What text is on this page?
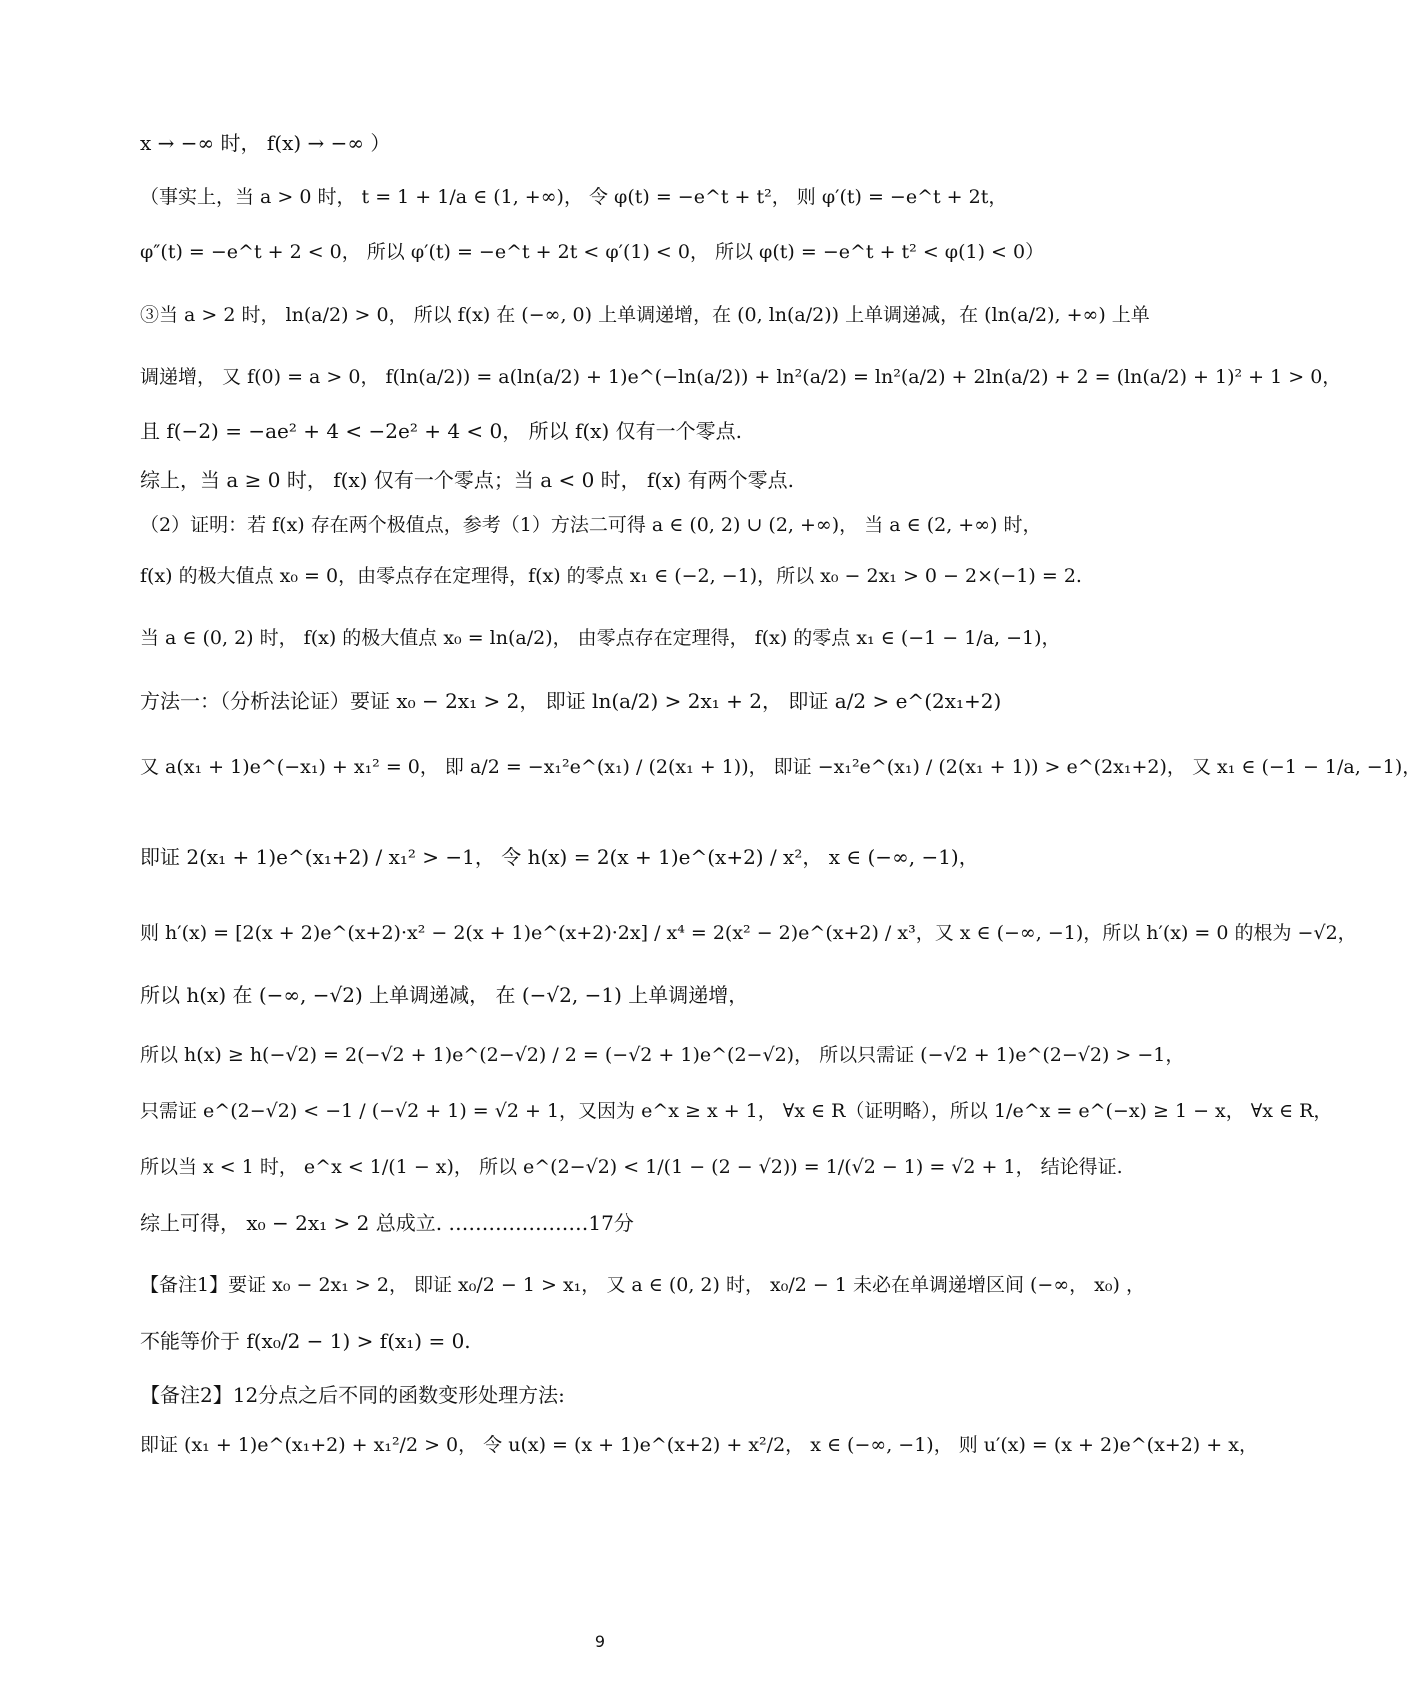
x → −∞ 时， f(x) → −∞ ）
（事实上，当 a > 0 时， t = 1 + 1/a ∈ (1, +∞)， 令 φ(t) = −e^t + t²， 则 φ′(t) = −e^t + 2t，
φ″(t) = −e^t + 2 < 0， 所以 φ′(t) = −e^t + 2t < φ′(1) < 0， 所以 φ(t) = −e^t + t² < φ(1) < 0）
③当 a > 2 时， ln(a/2) > 0， 所以 f(x) 在 (−∞, 0) 上单调递增，在 (0, ln(a/2)) 上单调递减，在 (ln(a/2), +∞) 上单
调递增， 又 f(0) = a > 0， f(ln(a/2)) = a(ln(a/2) + 1)e^(−ln(a/2)) + ln²(a/2) = ln²(a/2) + 2ln(a/2) + 2 = (ln(a/2) + 1)² + 1 > 0，
且 f(−2) = −ae² + 4 < −2e² + 4 < 0， 所以 f(x) 仅有一个零点.
综上，当 a ≥ 0 时， f(x) 仅有一个零点；当 a < 0 时， f(x) 有两个零点.
（2）证明：若 f(x) 存在两个极值点，参考（1）方法二可得 a ∈ (0, 2) ∪ (2, +∞)， 当 a ∈ (2, +∞) 时，
f(x) 的极大值点 x₀ = 0，由零点存在定理得，f(x) 的零点 x₁ ∈ (−2, −1)，所以 x₀ − 2x₁ > 0 − 2×(−1) = 2.
当 a ∈ (0, 2) 时， f(x) 的极大值点 x₀ = ln(a/2)， 由零点存在定理得， f(x) 的零点 x₁ ∈ (−1 − 1/a, −1)，
方法一：（分析法论证）要证 x₀ − 2x₁ > 2， 即证 ln(a/2) > 2x₁ + 2， 即证 a/2 > e^(2x₁+2)
又 a(x₁ + 1)e^(−x₁) + x₁² = 0， 即 a/2 = −x₁²e^(x₁) / (2(x₁ + 1))， 即证 −x₁²e^(x₁) / (2(x₁ + 1)) > e^(2x₁+2)， 又 x₁ ∈ (−1 − 1/a, −1)，
即证 2(x₁ + 1)e^(x₁+2) / x₁² > −1， 令 h(x) = 2(x + 1)e^(x+2) / x²， x ∈ (−∞, −1)，
则 h′(x) = [2(x + 2)e^(x+2)·x² − 2(x + 1)e^(x+2)·2x] / x⁴ = 2(x² − 2)e^(x+2) / x³，又 x ∈ (−∞, −1)，所以 h′(x) = 0 的根为 −√2，
所以 h(x) 在 (−∞, −√2) 上单调递减， 在 (−√2, −1) 上单调递增，
所以 h(x) ≥ h(−√2) = 2(−√2 + 1)e^(2−√2) / 2 = (−√2 + 1)e^(2−√2)， 所以只需证 (−√2 + 1)e^(2−√2) > −1，
只需证 e^(2−√2) < −1 / (−√2 + 1) = √2 + 1，又因为 e^x ≥ x + 1， ∀x ∈ R（证明略），所以 1/e^x = e^(−x) ≥ 1 − x， ∀x ∈ R，
所以当 x < 1 时， e^x < 1/(1 − x)， 所以 e^(2−√2) < 1/(1 − (2 − √2)) = 1/(√2 − 1) = √2 + 1， 结论得证.
综上可得， x₀ − 2x₁ > 2 总成立. …………………17分
【备注1】要证 x₀ − 2x₁ > 2， 即证 x₀/2 − 1 > x₁， 又 a ∈ (0, 2) 时， x₀/2 − 1 未必在单调递增区间 (−∞， x₀) ，
不能等价于 f(x₀/2 − 1) > f(x₁) = 0.
【备注2】12分点之后不同的函数变形处理方法:
即证 (x₁ + 1)e^(x₁+2) + x₁²/2 > 0， 令 u(x) = (x + 1)e^(x+2) + x²/2， x ∈ (−∞, −1)， 则 u′(x) = (x + 2)e^(x+2) + x，
9
